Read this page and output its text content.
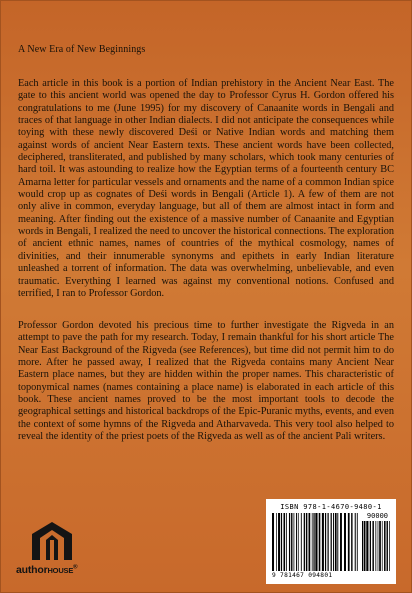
A New Era of New Beginnings

Each article in this book is a portion of Indian prehistory in the Ancient Near East. The gate to this ancient world was opened the day to Professor Cyrus H. Gordon offered his congratulations to me (June 1995) for my discovery of Canaanite words in Bengali and traces of that language in other Indian dialects. I did not anticipate the consequences while toying with these newly discovered Deśi or Native Indian words and matching them against words of ancient Near Eastern texts. These ancient words have been collected, deciphered, transliterated, and published by many scholars, which took many centuries of hard toil. It was astounding to realize how the Egyptian terms of a fourteenth century BC Amarna letter for particular vessels and ornaments and the name of a common Indian spice would crop up as cognates of Deśi words in Bengali (Article 1). A few of them are not only alive in common, everyday language, but all of them are almost intact in form and meaning. After finding out the existence of a massive number of Canaanite and Egyptian words in Bengali, I realized the need to uncover the historical connections. The exploration of ancient ethnic names, names of countries of the mythical cosmology, names of divinities, and their innumerable synonyms and epithets in early Indian literature unleashed a torrent of information. The data was overwhelming, unbelievable, and even traumatic. Everything I learned was against my conventional notions. Confused and terrified, I ran to Professor Gordon.

Professor Gordon devoted his precious time to further investigate the Rigveda in an attempt to pave the path for my research. Today, I remain thankful for his short article The Near East Background of the Rigveda (see References), but time did not permit him to do more. After he passed away, I realized that the Rigveda contains many Ancient Near Eastern place names, but they are hidden within the proper names. This characteristic of toponymical names (names containing a place name) is elaborated in each article of this book. These ancient names proved to be the most important tools to decode the geographical settings and historical backdrops of the Epic-Puranic myths, events, and even the context of some hymns of the Rigveda and Atharvaveda. This very tool also helped to reveal the identity of the priest poets of the Rigveda as well as of the ancient Pali writers.

authorHOUSE®
ISBN 978-1-4670-9480-1
90000
9 781467 094801
